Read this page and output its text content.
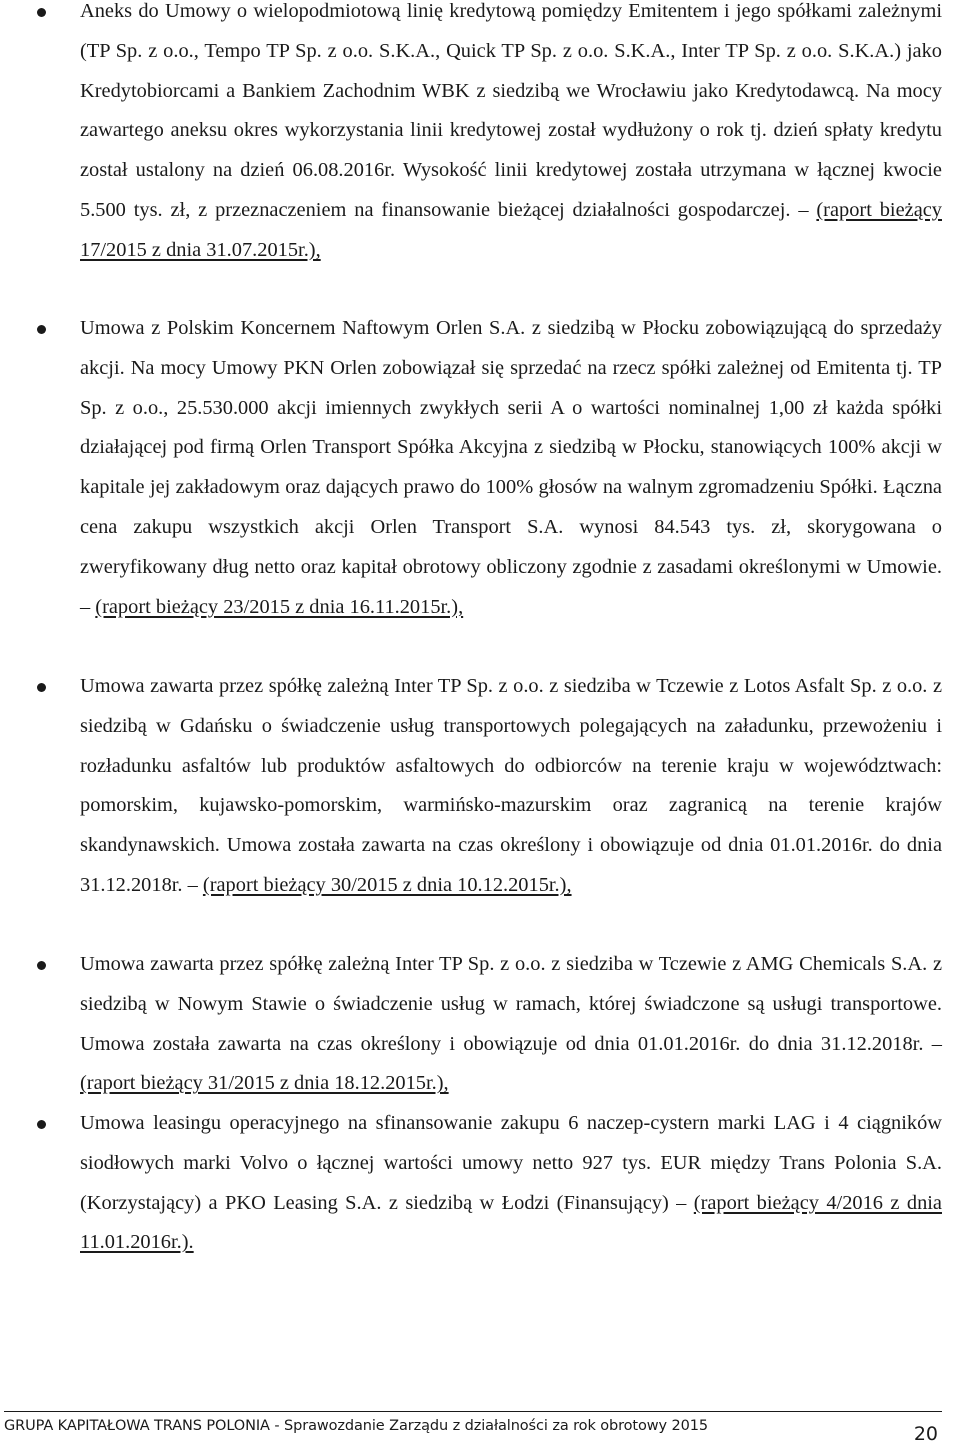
Aneks do Umowy o wielopodmiotową linię kredytową pomiędzy Emitentem i jego spółkami zależnymi (TP Sp. z o.o., Tempo TP Sp. z o.o. S.K.A., Quick TP Sp. z o.o. S.K.A., Inter TP Sp. z o.o. S.K.A.) jako Kredytobiorcami a Bankiem Zachodnim WBK z siedzibą we Wrocławiu jako Kredytodawcą. Na mocy zawartego aneksu okres wykorzystania linii kredytowej został wydłużony o rok tj. dzień spłaty kredytu został ustalony na dzień 06.08.2016r. Wysokość linii kredytowej została utrzymana w łącznej kwocie 5.500 tys. zł, z przeznaczeniem na finansowanie bieżącej działalności gospodarczej. – (raport bieżący 17/2015 z dnia 31.07.2015r.),
Umowa z Polskim Koncernem Naftowym Orlen S.A. z siedzibą w Płocku zobowiązującą do sprzedaży akcji. Na mocy Umowy PKN Orlen zobowiązał się sprzedać na rzecz spółki zależnej od Emitenta tj. TP Sp. z o.o., 25.530.000 akcji imiennych zwykłych serii A o wartości nominalnej 1,00 zł każda spółki działającej pod firmą Orlen Transport Spółka Akcyjna z siedzibą w Płocku, stanowiących 100% akcji w kapitale jej zakładowym oraz dających prawo do 100% głosów na walnym zgromadzeniu Spółki. Łączna cena zakupu wszystkich akcji Orlen Transport S.A. wynosi 84.543 tys. zł, skorygowana o zweryfikowany dług netto oraz kapitał obrotowy obliczony zgodnie z zasadami określonymi w Umowie. – (raport bieżący 23/2015 z dnia 16.11.2015r.),
Umowa zawarta przez spółkę zależną Inter TP Sp. z o.o. z siedziba w Tczewie z Lotos Asfalt Sp. z o.o. z siedzibą w Gdańsku o świadczenie usług transportowych polegających na załadunku, przewożeniu i rozładunku asfaltów lub produktów asfaltowych do odbiorców na terenie kraju w województwach: pomorskim, kujawsko-pomorskim, warmińsko-mazurskim oraz zagranicą na terenie krajów skandynawskich. Umowa została zawarta na czas określony i obowiązuje od dnia 01.01.2016r. do dnia 31.12.2018r. – (raport bieżący 30/2015 z dnia 10.12.2015r.),
Umowa zawarta przez spółkę zależną Inter TP Sp. z o.o. z siedziba w Tczewie z AMG Chemicals S.A. z siedzibą w Nowym Stawie o świadczenie usług w ramach, której świadczone są usługi transportowe. Umowa została zawarta na czas określony i obowiązuje od dnia 01.01.2016r. do dnia 31.12.2018r. – (raport bieżący 31/2015 z dnia 18.12.2015r.),
Umowa leasingu operacyjnego na sfinansowanie zakupu 6 naczep-cystern marki LAG i 4 ciągników siodłowych marki Volvo o łącznej wartości umowy netto 927 tys. EUR między Trans Polonia S.A. (Korzystający) a PKO Leasing S.A. z siedzibą w Łodzi (Finansujący) – (raport bieżący 4/2016 z dnia 11.01.2016r.).
GRUPA KAPITAŁOWA TRANS POLONIA - Sprawozdanie Zarządu z działalności za rok obrotowy 2015	20
